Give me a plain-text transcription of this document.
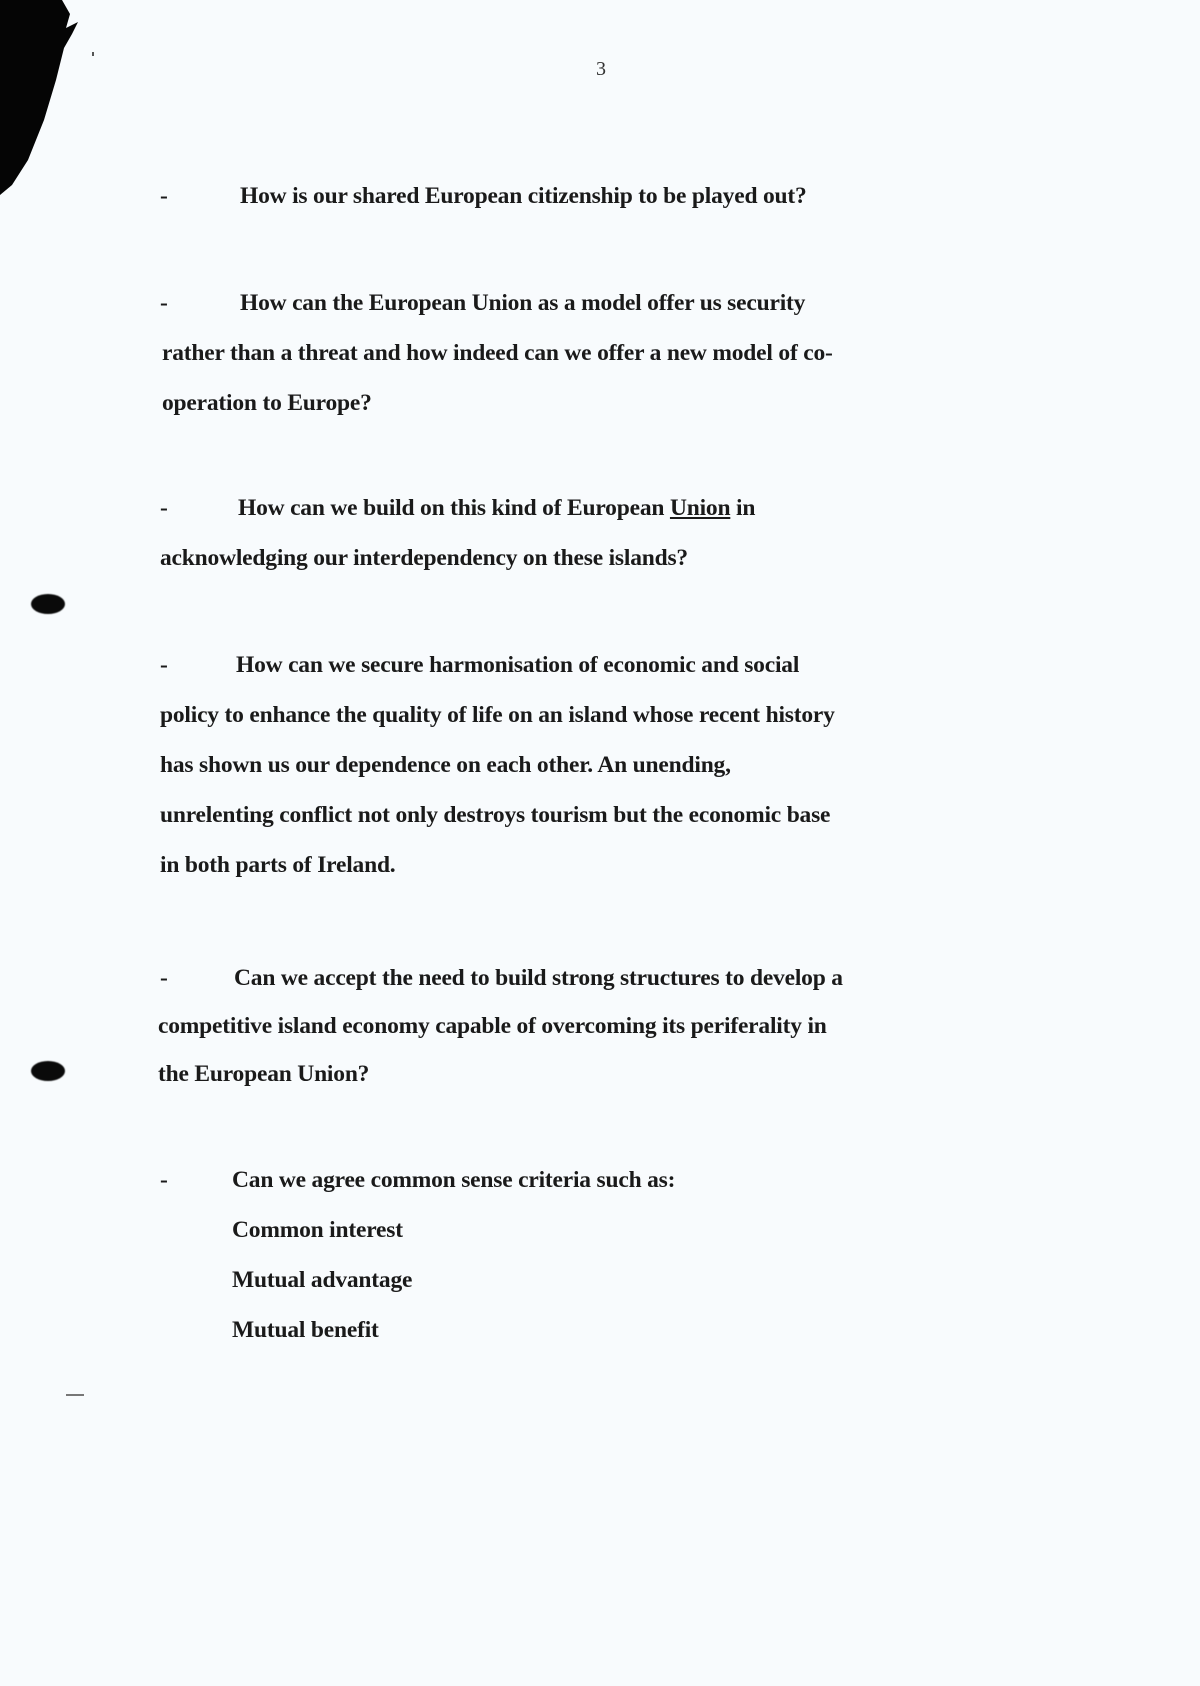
3
-	How is our shared European citizenship to be played out?
-	How can the European Union as a model offer us security
rather than a threat and how indeed can we offer a new model of co-
operation to Europe?
-	How can we build on this kind of European Union in
acknowledging our interdependency on these islands?
-	How can we secure harmonisation of economic and social
policy to enhance the quality of life on an island whose recent history
has shown us our dependence on each other. An unending,
unrelenting conflict not only destroys tourism but the economic base
in both parts of Ireland.
-	Can we accept the need to build strong structures to develop a
competitive island economy capable of overcoming its periferality in
the European Union?
-	Can we agree common sense criteria such as:
Common interest
Mutual advantage
Mutual benefit
